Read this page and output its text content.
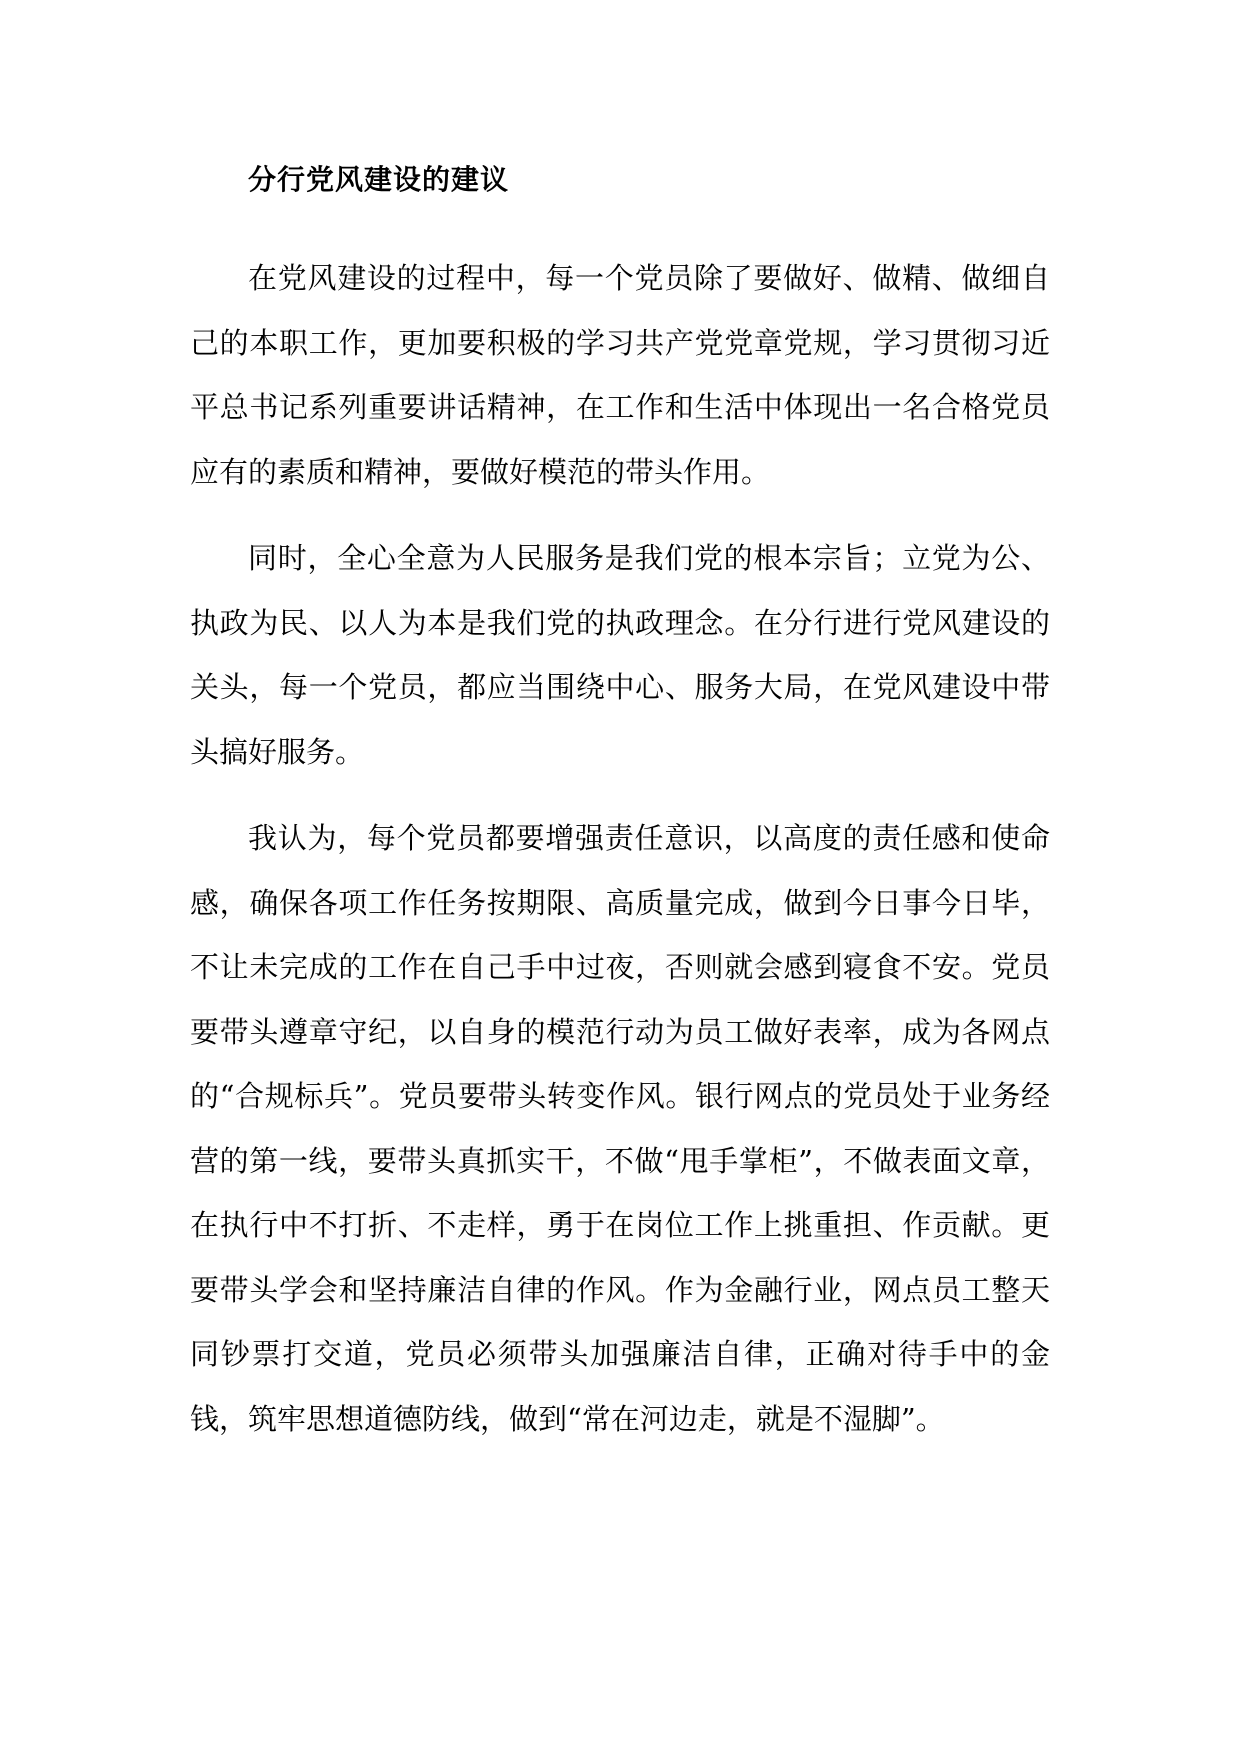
分行党风建设的建议

在党风建设的过程中，每一个党员除了要做好、做精、做细自己的本职工作，更加要积极的学习共产党党章党规，学习贯彻习近平总书记系列重要讲话精神，在工作和生活中体现出一名合格党员应有的素质和精神，要做好模范的带头作用。

同时，全心全意为人民服务是我们党的根本宗旨；立党为公、执政为民、以人为本是我们党的执政理念。在分行进行党风建设的关头，每一个党员，都应当围绕中心、服务大局，在党风建设中带头搞好服务。

我认为，每个党员都要增强责任意识，以高度的责任感和使命感，确保各项工作任务按期限、高质量完成，做到今日事今日毕，不让未完成的工作在自己手中过夜，否则就会感到寝食不安。党员要带头遵章守纪，以自身的模范行动为员工做好表率，成为各网点的“合规标兵”。党员要带头转变作风。银行网点的党员处于业务经营的第一线，要带头真抓实干，不做“甩手掌柜”，不做表面文章，在执行中不打折、不走样，勇于在岗位工作上挑重担、作贡献。更要带头学会和坚持廉洁自律的作风。作为金融行业，网点员工整天同钞票打交道，党员必须带头加强廉洁自律，正确对待手中的金钱，筑牢思想道德防线，做到“常在河边走，就是不湿脚”。
